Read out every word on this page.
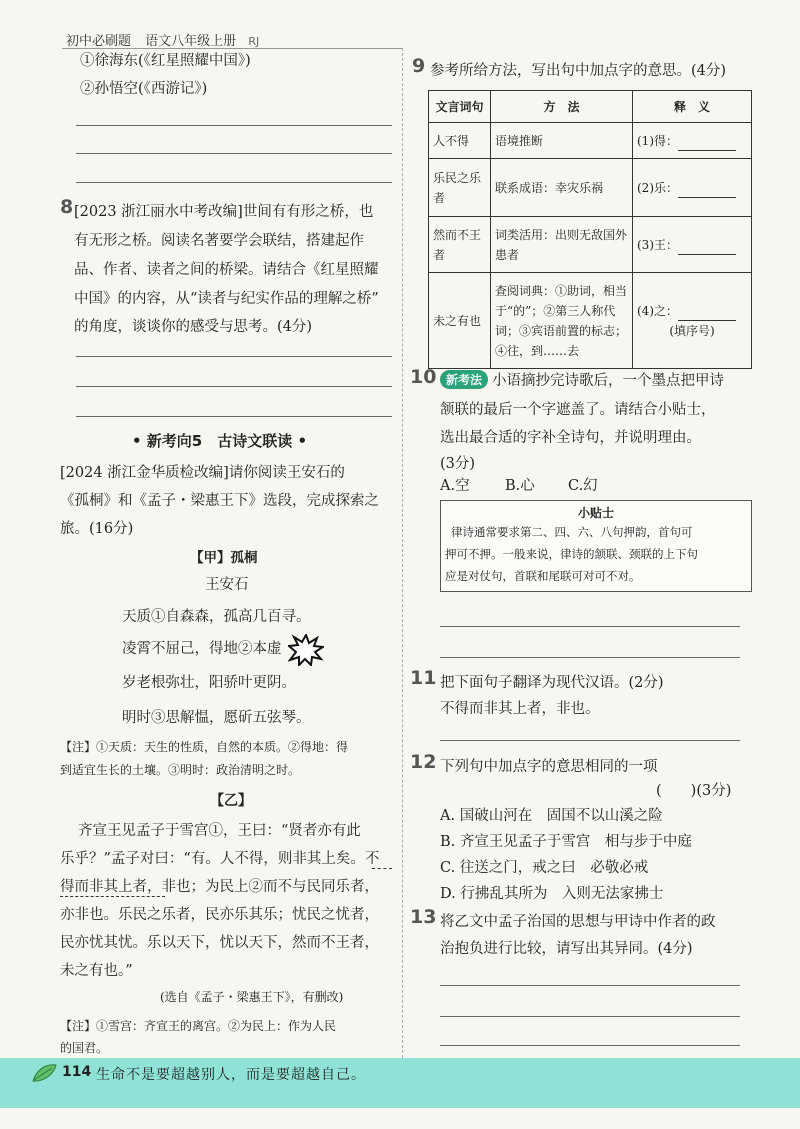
初中必刷题 语文八年级上册 RJ
①徐海东(《红星照耀中国》)
②孙悟空(《西游记》)
8 [2023 浙江丽水中考改编]世间有有形之桥，也
有无形之桥。阅读名著要学会联结，搭建起作
品、作者、读者之间的桥梁。请结合《红星照耀
中国》的内容，从“读者与纪实作品的理解之桥”
的角度，谈谈你的感受与思考。(4分)
• 新考向5　古诗文联读 •
[2024 浙江金华质检改编]请你阅读王安石的
《孤桐》和《孟子・梁惠王下》选段，完成探索之
旅。(16分)
【甲】孤桐
王安石
天质①自森森，孤高几百寻。
凌霄不屈己，得地②本虚
岁老根弥壮，阳骄叶更阴。
明时③思解愠，愿斫五弦琴。
【注】①天质：天生的性质，自然的本质。②得地：得
到适宜生长的土壤。③明时：政治清明之时。
【乙】
齐宣王见孟子于雪宫①，王曰：“贤者亦有此
乐乎？”孟子对曰：“有。人不得，则非其上矣。不
得而非其上者，非也；为民上②而不与民同乐者，
亦非也。乐民之乐者，民亦乐其乐；忧民之忧者，
民亦忧其忧。乐以天下，忧以天下，然而不王者，
未之有也。”
(选自《孟子・梁惠王下》，有删改)
【注】①雪宫：齐宣王的离宫。②为民上：作为人民
的国君。
9 参考所给方法，写出句中加点字的意思。(4分)
文言词句	方　法	释　义
人不得	语境推断	(1)得：
乐民之乐者	联系成语：幸灾乐祸	(2)乐：
然而不王者	词类活用：出则无敌国外患者	(3)王：
未之有也	查阅词典：①助词，相当于“的”；②第三人称代词；③宾语前置的标志；④往，到……去	(4)之：
(填序号)
10 新考法 小语摘抄完诗歌后，一个墨点把甲诗
颔联的最后一个字遮盖了。请结合小贴士，
选出最合适的字补全诗句，并说明理由。
(3分)
A.空 B.心 C.幻
小贴士
律诗通常要求第二、四、六、八句押韵，首句可
押可不押。一般来说，律诗的颔联、颈联的上下句
应是对仗句，首联和尾联可对可不对。
11 把下面句子翻译为现代汉语。(2分)
不得而非其上者，非也。
12 下列句中加点字的意思相同的一项
(　　)(3分)
A. 国破山河在　固国不以山溪之险
B. 齐宣王见孟子于雪宫　相与步于中庭
C. 往送之门，戒之曰　必敬必戒
D. 行拂乱其所为　入则无法家拂士
13 将乙文中孟子治国的思想与甲诗中作者的政
治抱负进行比较，请写出其异同。(4分)
114 生命不是要超越别人，而是要超越自己。
